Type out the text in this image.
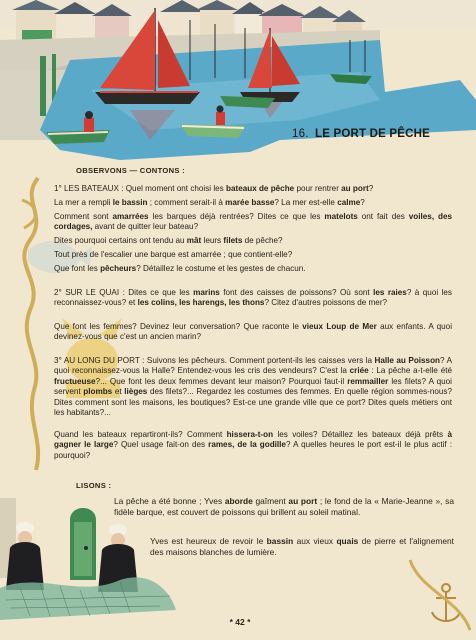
16. LE PORT DE PÊCHE
OBSERVONS — CONTONS :
1° LES BATEAUX : Quel moment ont choisi les bateaux de pêche pour rentrer au port?
La mer a rempli le bassin ; comment serait-il à marée basse? La mer est-elle calme?
Comment sont amarrées les barques déjà rentrées? Dites ce que les matelots ont fait des voiles, des cordages, avant de quitter leur bateau?
Dites pourquoi certains ont tendu au mât leurs filets de pêche?
Tout près de l'escalier une barque est amarrée ; que contient-elle?
Que font les pêcheurs? Détaillez le costume et les gestes de chacun.
2° SUR LE QUAI : Dites ce que les marins font des caisses de poissons? Où sont les raies? à quoi les reconnaissez-vous? et les colins, les harengs, les thons? Citez d'autres poissons de mer?
Que font les femmes? Devinez leur conversation? Que raconte le vieux Loup de Mer aux enfants. A quoi devinez-vous que c'est un ancien marin?
3° AU LONG DU PORT : Suivons les pêcheurs. Comment portent-ils les caisses vers la Halle au Poisson? A quoi reconnaissez-vous la Halle? Entendez-vous les cris des vendeurs? C'est la criée : La pêche a-t-elle été fructueuse?... Que font les deux femmes devant leur maison? Pourquoi faut-il remmailler les filets? A quoi servent plombs et lièges des filets?... Regardez les costumes des femmes. En quelle région sommes-nous? Dites comment sont les maisons, les boutiques? Est-ce une grande ville que ce port? Dites quels métiers ont les habitants?...
Quand les bateaux repartiront-ils? Comment hissera-t-on les voiles? Détaillez les bateaux déjà prêts à gagner le large? Quel usage fait-on des rames, de la godille? A quelles heures le port est-il le plus actif : pourquoi?
LISONS :
La pêche a été bonne ; Yves aborde gaîment au port ; le fond de la « Marie-Jeanne », sa fidèle barque, est couvert de poissons qui brillent au soleil matinal.
Yves est heureux de revoir le bassin aux vieux quais de pierre et l'alignement des maisons blanches de lumière.
* 42 *
